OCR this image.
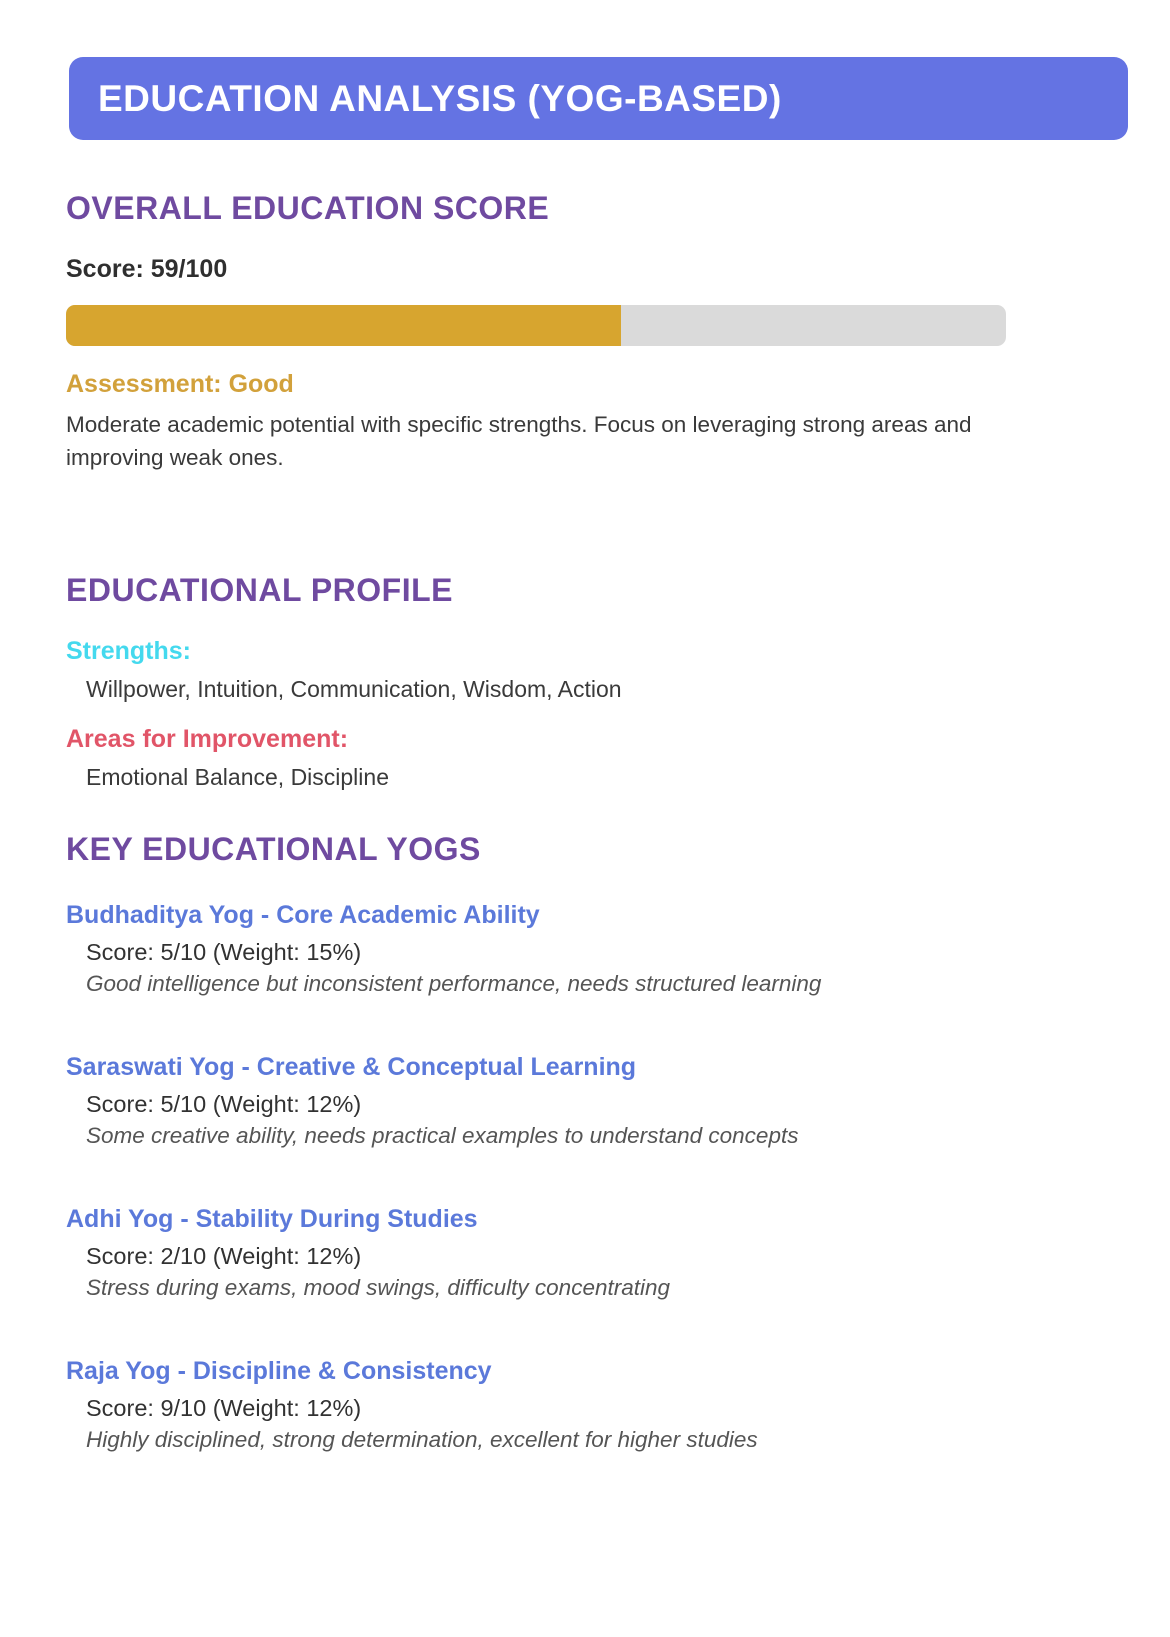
EDUCATION ANALYSIS (YOG-BASED)
OVERALL EDUCATION SCORE
Score: 59/100
Assessment: Good

Moderate academic potential with specific strengths. Focus on leveraging strong areas and improving weak ones.

EDUCATIONAL PROFILE
Strengths:
Willpower, Intuition, Communication, Wisdom, Action
Areas for Improvement:
Emotional Balance, Discipline
KEY EDUCATIONAL YOGS
Budhaditya Yog - Core Academic Ability
Score: 5/10 (Weight: 15%)
Good intelligence but inconsistent performance, needs structured learning
Saraswati Yog - Creative & Conceptual Learning
Score: 5/10 (Weight: 12%)
Some creative ability, needs practical examples to understand concepts
Adhi Yog - Stability During Studies
Score: 2/10 (Weight: 12%)
Stress during exams, mood swings, difficulty concentrating
Raja Yog - Discipline & Consistency
Score: 9/10 (Weight: 12%)
Highly disciplined, strong determination, excellent for higher studies
